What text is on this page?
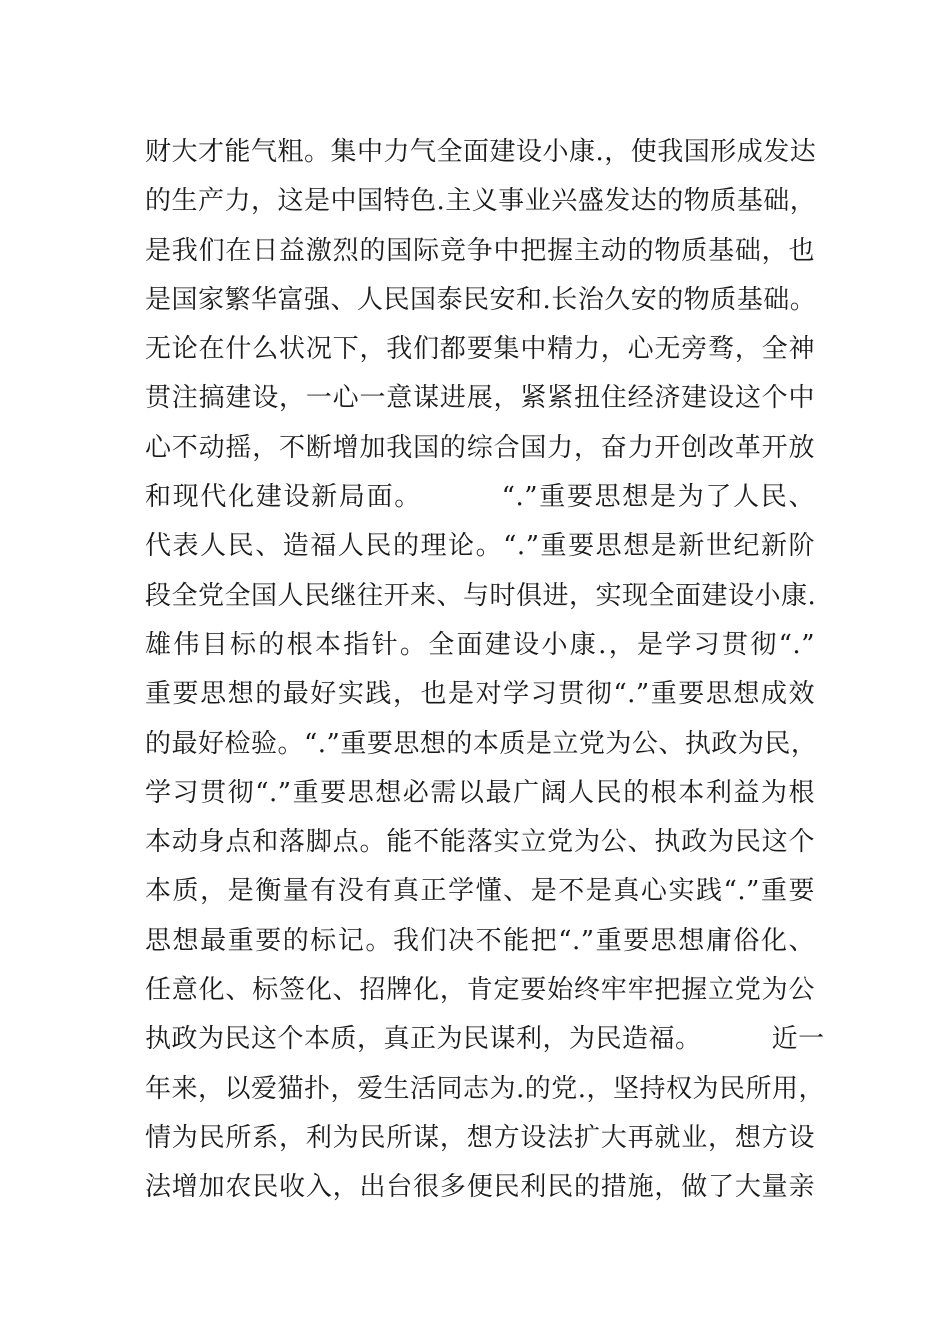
财大才能气粗。集中力气全面建设小康.，使我国形成发达
的生产力，这是中国特色.主义事业兴盛发达的物质基础，
是我们在日益激烈的国际竞争中把握主动的物质基础，也
是国家繁华富强、人民国泰民安和.长治久安的物质基础。
无论在什么状况下，我们都要集中精力，心无旁骛，全神
贯注搞建设，一心一意谋进展，紧紧扭住经济建设这个中
心不动摇，不断增加我国的综合国力，奋力开创改革开放
和现代化建设新局面。        “.”重要思想是为了人民、
代表人民、造福人民的理论。“.”重要思想是新世纪新阶
段全党全国人民继往开来、与时俱进，实现全面建设小康.
雄伟目标的根本指针。全面建设小康.，是学习贯彻“.”
重要思想的最好实践，也是对学习贯彻“.”重要思想成效
的最好检验。“.”重要思想的本质是立党为公、执政为民，
学习贯彻“.”重要思想必需以最广阔人民的根本利益为根
本动身点和落脚点。能不能落实立党为公、执政为民这个
本质，是衡量有没有真正学懂、是不是真心实践“.”重要
思想最重要的标记。我们决不能把“.”重要思想庸俗化、
任意化、标签化、招牌化，肯定要始终牢牢把握立党为公
执政为民这个本质，真正为民谋利，为民造福。        近一
年来，以爱猫扑，爱生活同志为.的党.，坚持权为民所用，
情为民所系，利为民所谋，想方设法扩大再就业，想方设
法增加农民收入，出台很多便民利民的措施，做了大量亲
